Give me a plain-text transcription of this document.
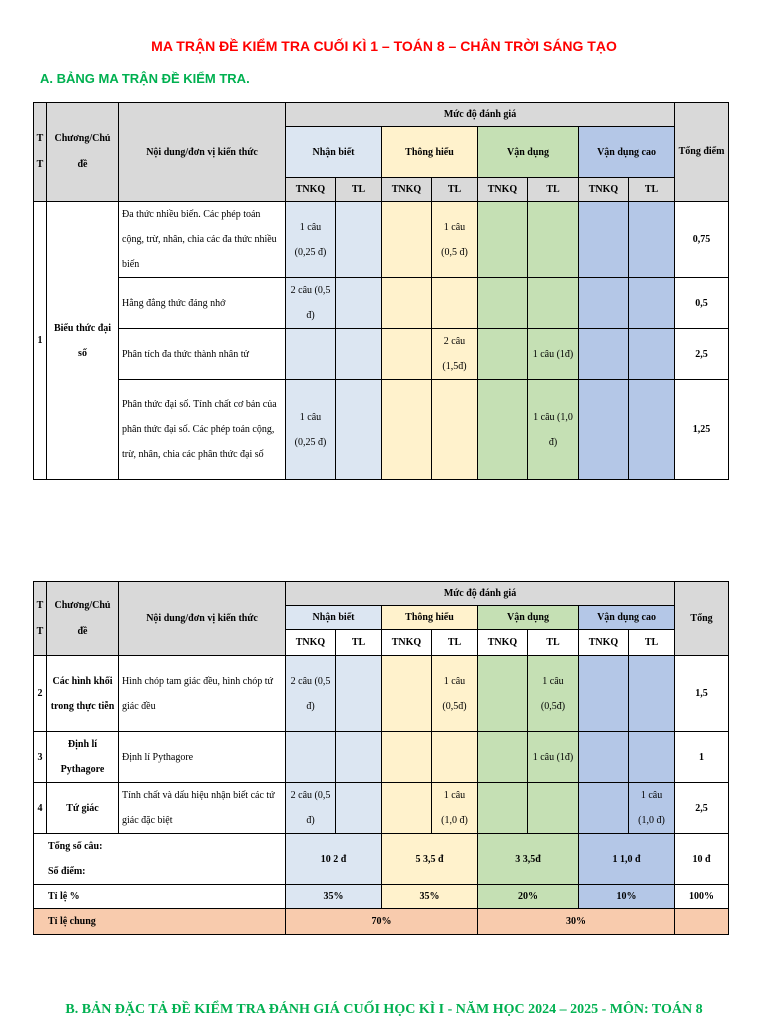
MA TRẬN ĐỀ KIỂM TRA CUỐI KÌ 1 – TOÁN 8 – CHÂN TRỜI SÁNG TẠO
A. BẢNG MA TRẬN ĐỀ KIỂM TRA.
T T	Chương/Chủ đề	Nội dung/đơn vị kiến thức	Mức độ đánh giá								Tổng điểm
			Nhận biết		Thông hiểu		Vận dụng		Vận dụng cao		
			TNKQ	TL	TNKQ	TL	TNKQ	TL	TNKQ	TL	
1	Biểu thức đại số	Đa thức nhiều biến. Các phép toán cộng, trừ, nhân, chia các đa thức nhiều biến	1 câu (0,25 đ)			1 câu (0,5 đ)					0,75
		Hằng đẳng thức đáng nhớ	2 câu (0,5 đ)								0,5
		Phân tích đa thức thành nhân tử				2 câu (1,5đ)		1 câu (1đ)			2,5
		Phân thức đại số. Tính chất cơ bản của phân thức đại số. Các phép toán cộng, trừ, nhân, chia các phân thức đại số	1 câu (0,25 đ)					1 câu (1,0 đ)			1,25
T T	Chương/Chủ đề	Nội dung/đơn vị kiến thức	Mức độ đánh giá								Tổng
			Nhận biết		Thông hiểu		Vận dụng		Vận dụng cao		
			TNKQ	TL	TNKQ	TL	TNKQ	TL	TNKQ	TL	
2	Các hình khối trong thực tiễn	Hình chóp tam giác đều, hình chóp tứ giác đều	2 câu (0,5 đ)			1 câu (0,5đ)		1 câu (0,5đ)			1,5
3	Định lí Pythagore	Định lí Pythagore						1 câu (1đ)			1
4	Tứ giác	Tính chất và dấu hiệu nhận biết các tứ giác đặc biệt	2 câu (0,5 đ)			1 câu (1,0 đ)				1 câu (1,0 đ)	2,5
Tổng số câu:
Số điểm:			10 2 đ		5 3,5 đ		3 3,5đ		1 1,0 đ		10 đ
Tỉ lệ %			35%		35%		20%		10%		100%
Tỉ lệ chung			70%				30%				
B. BẢN ĐẶC TẢ ĐỀ KIỂM TRA ĐÁNH GIÁ CUỐI HỌC KÌ I - NĂM HỌC 2024 – 2025 - MÔN: TOÁN 8
